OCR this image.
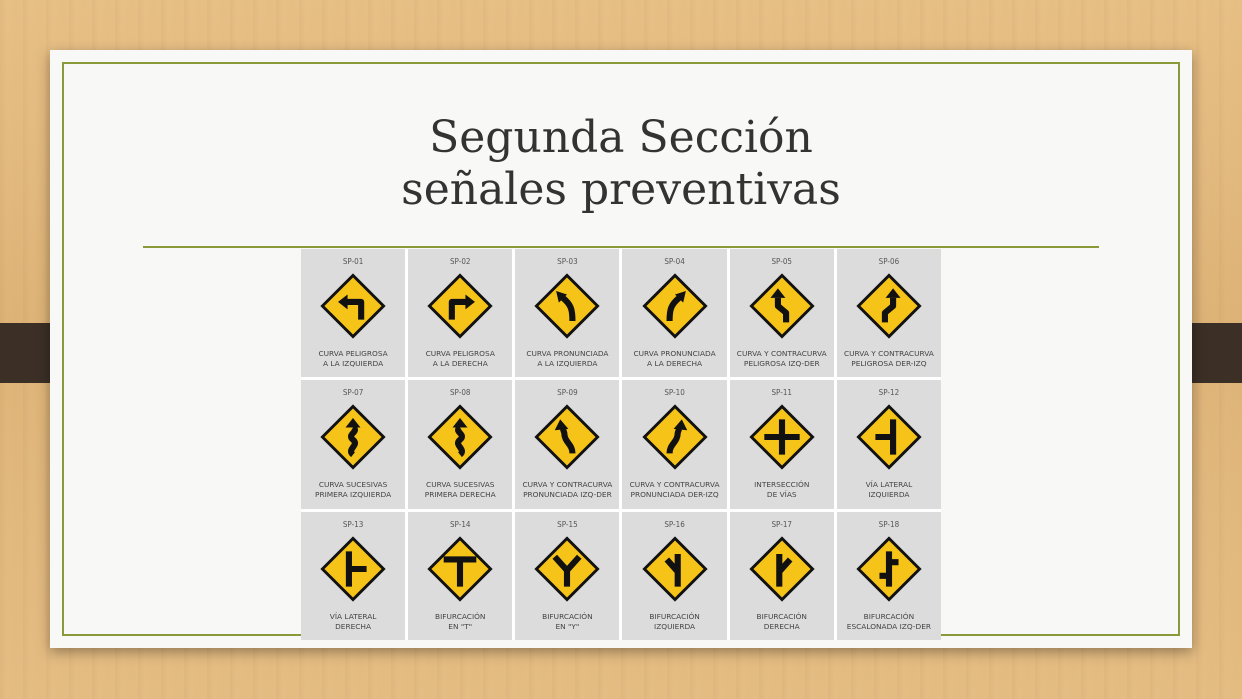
Segunda Sección
señales preventivas
SP-01
CURVA PELIGROSA
A LA IZQUIERDA
SP-02
CURVA PELIGROSA
A LA DERECHA
SP-03
CURVA PRONUNCIADA
A LA IZQUIERDA
SP-04
CURVA PRONUNCIADA
A LA DERECHA
SP-05
CURVA Y CONTRACURVA
PELIGROSA IZQ-DER
SP-06
CURVA Y CONTRACURVA
PELIGROSA DER-IZQ
SP-07
CURVA SUCESIVAS
PRIMERA IZQUIERDA
SP-08
CURVA SUCESIVAS
PRIMERA DERECHA
SP-09
CURVA Y CONTRACURVA
PRONUNCIADA IZQ-DER
SP-10
CURVA Y CONTRACURVA
PRONUNCIADA DER-IZQ
SP-11
INTERSECCIÓN
DE VÍAS
SP-12
VÍA LATERAL
IZQUIERDA
SP-13
VÍA LATERAL
DERECHA
SP-14
BIFURCACIÓN
EN "T"
SP-15
BIFURCACIÓN
EN "Y"
SP-16
BIFURCACIÓN
IZQUIERDA
SP-17
BIFURCACIÓN
DERECHA
SP-18
BIFURCACIÓN
ESCALONADA IZQ-DER
